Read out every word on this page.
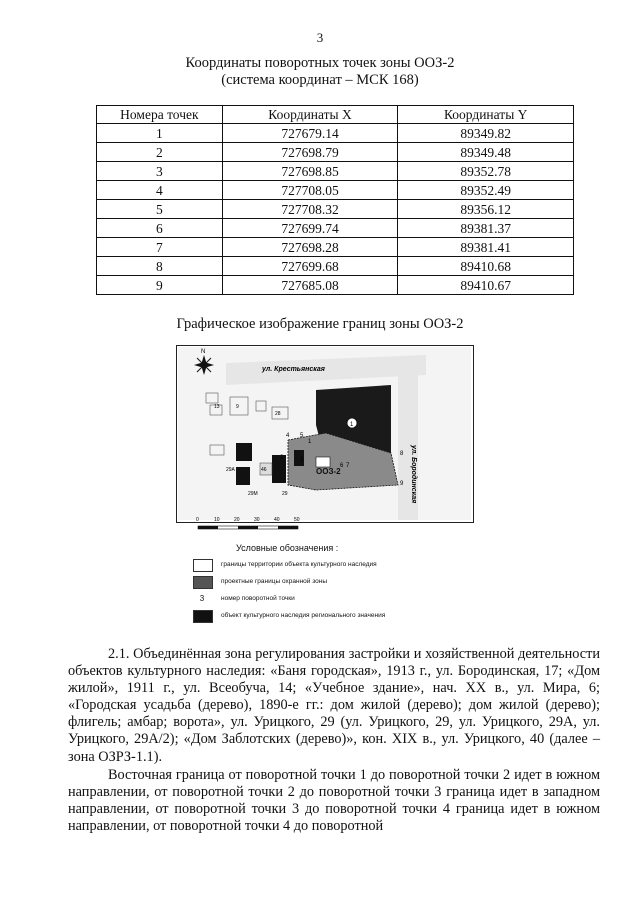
3
Координаты поворотных точек зоны ООЗ-2
(система координат – МСК 168)
Номера точек	Координаты X	Координаты Y
1	727679.14	89349.82
2	727698.79	89349.48
3	727698.85	89352.78
4	727708.05	89352.49
5	727708.32	89356.12
6	727699.74	89381.37
7	727698.28	89381.41
8	727699.68	89410.68
9	727685.08	89410.67
Графическое изображение границ зоны ООЗ-2
ул. Крестьянская
ул. Бородинская
N
13	9
28
1
ООЗ-2
46
29А
29М	29
1
2	3
4 5
6 7
8
9
0	10	20	30	40	50
Условные обозначения :
границы территории объекта культурного наследия
проектные границы охранной зоны
3	номер поворотной точки
объект культурного наследия регионального значения

2.1. Объединённая зона регулирования застройки и хозяйственной деятельности объектов культурного наследия: «Баня городская», 1913 г., ул. Бородинская, 17; «Дом жилой», 1911 г., ул. Всеобуча, 14; «Учебное здание», нач. XX в., ул. Мира, 6; «Городская усадьба (дерево), 1890-е гг.: дом жилой (дерево); дом жилой (дерево); флигель; амбар; ворота», ул. Урицкого, 29 (ул. Урицкого, 29, ул. Урицкого, 29А, ул. Урицкого, 29А/2); «Дом Заблотских (дерево)», кон. XIX в., ул. Урицкого, 40 (далее – зона ОЗРЗ-1.1).

Восточная граница от поворотной точки 1 до поворотной точки 2 идет в южном направлении, от поворотной точки 2 до поворотной точки 3 граница идет в западном направлении, от поворотной точки 3 до поворотной точки 4 граница идет в южном направлении, от поворотной точки 4 до поворотной
